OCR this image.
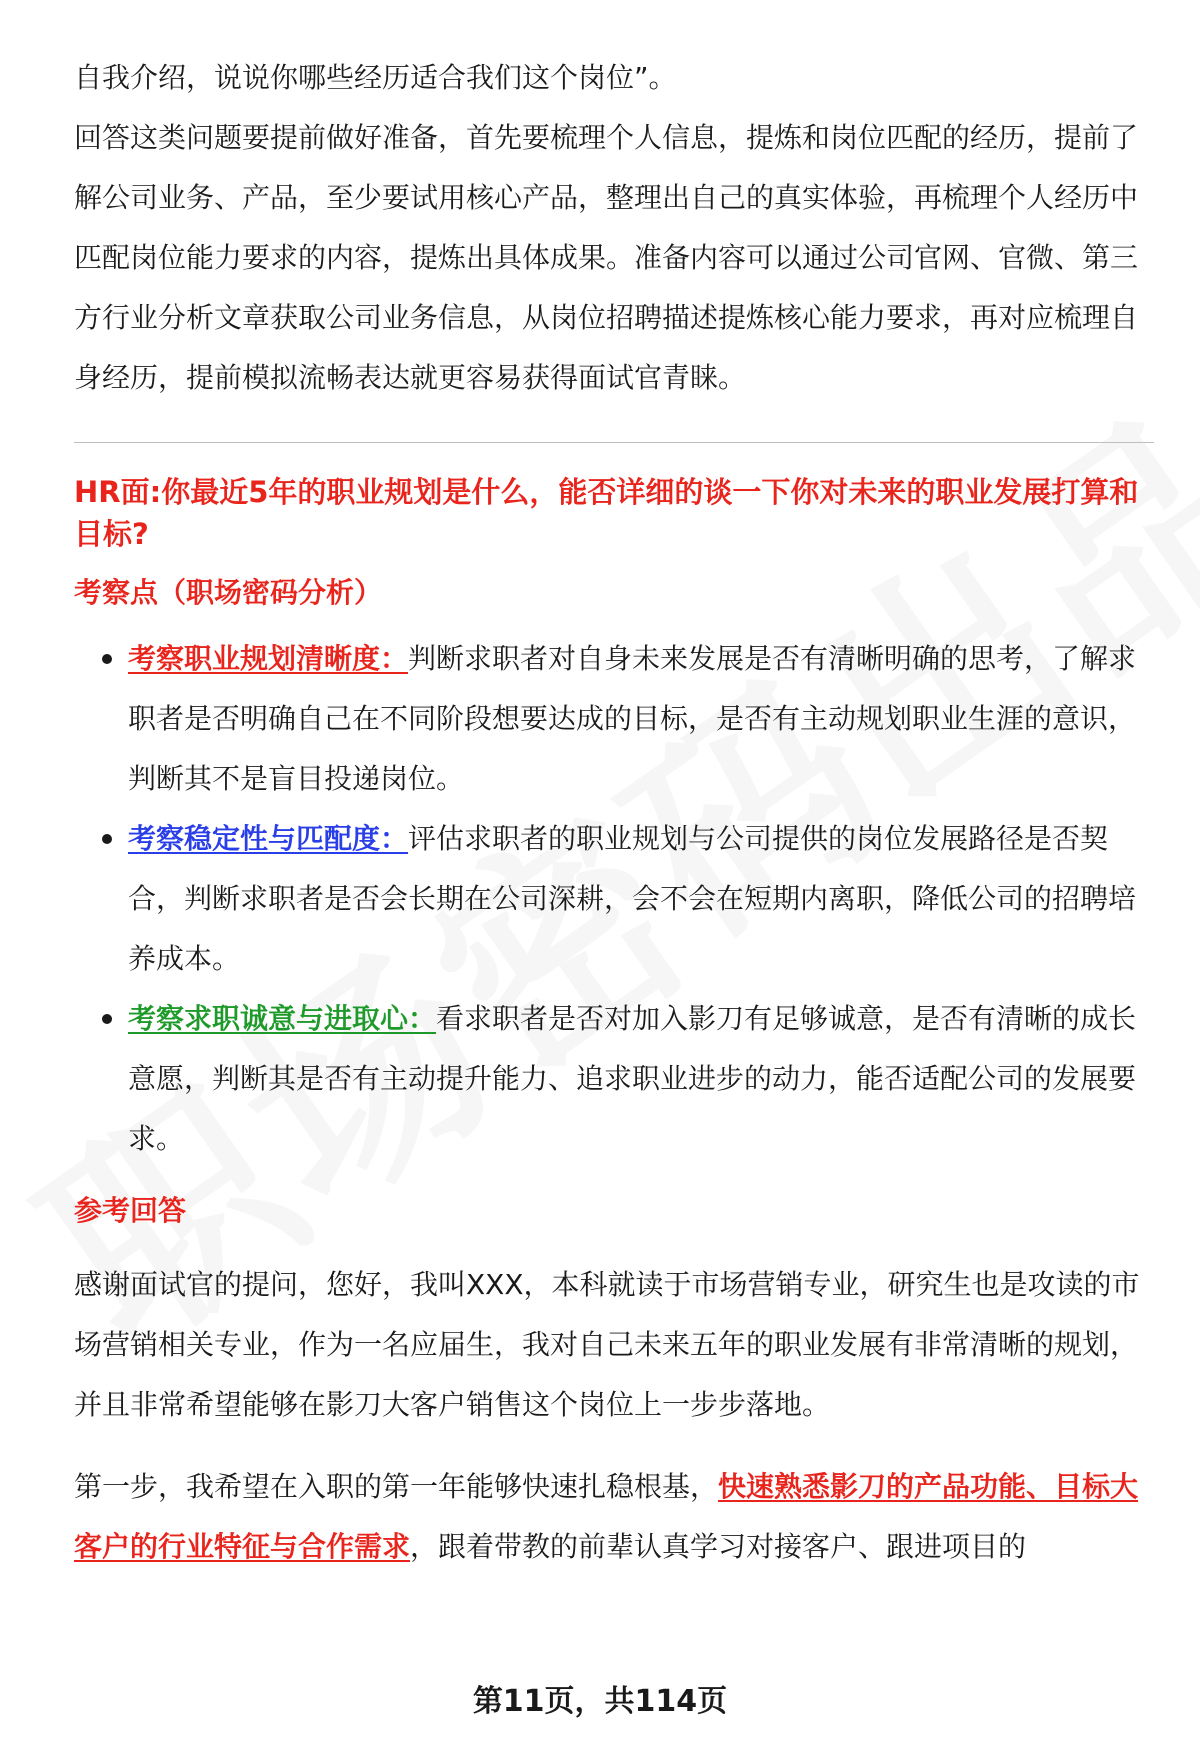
自我介绍，说说你哪些经历适合我们这个岗位”。

回答这类问题要提前做好准备，首先要梳理个人信息，提炼和岗位匹配的经历，提前了解公司业务、产品，至少要试用核心产品，整理出自己的真实体验，再梳理个人经历中匹配岗位能力要求的内容，提炼出具体成果。准备内容可以通过公司官网、官微、第三方行业分析文章获取公司业务信息，从岗位招聘描述提炼核心能力要求，再对应梳理自身经历，提前模拟流畅表达就更容易获得面试官青睐。

HR面:你最近5年的职业规划是什么，能否详细的谈一下你对未来的职业发展打算和目标?

考察点（职场密码分析）
考察职业规划清晰度：判断求职者对自身未来发展是否有清晰明确的思考，了解求职者是否明确自己在不同阶段想要达成的目标，是否有主动规划职业生涯的意识，判断其不是盲目投递岗位。
考察稳定性与匹配度：评估求职者的职业规划与公司提供的岗位发展路径是否契合，判断求职者是否会长期在公司深耕，会不会在短期内离职，降低公司的招聘培养成本。
考察求职诚意与进取心：看求职者是否对加入影刀有足够诚意，是否有清晰的成长意愿，判断其是否有主动提升能力、追求职业进步的动力，能否适配公司的发展要求。
参考回答

感谢面试官的提问，您好，我叫XXX，本科就读于市场营销专业，研究生也是攻读的市场营销相关专业，作为一名应届生，我对自己未来五年的职业发展有非常清晰的规划，并且非常希望能够在影刀大客户销售这个岗位上一步步落地。

第一步，我希望在入职的第一年能够快速扎稳根基，快速熟悉影刀的产品功能、目标大客户的行业特征与合作需求，跟着带教的前辈认真学习对接客户、跟进项目的

第11页，共114页
